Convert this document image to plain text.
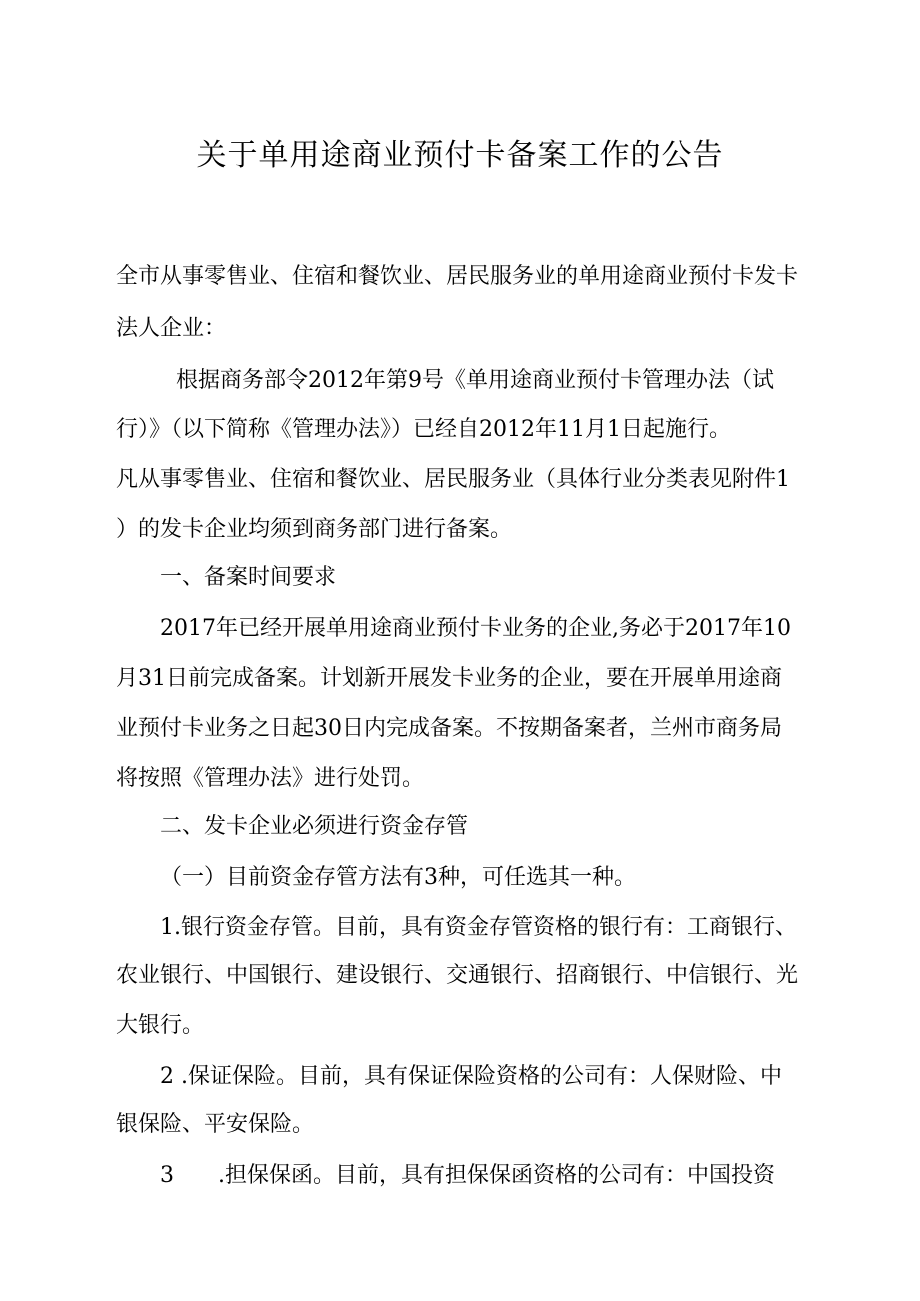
关于单用途商业预付卡备案工作的公告

全市从事零售业、住宿和餐饮业、居民服务业的单用途商业预付卡发卡

法人企业：

根据商务部令2012年第9号《单用途商业预付卡管理办法（试

行）》（以下简称《管理办法》）已经自2012年11月1日起施行。

凡从事零售业、住宿和餐饮业、居民服务业（具体行业分类表见附件1

）的发卡企业均须到商务部门进行备案。

一、备案时间要求

2017年已经开展单用途商业预付卡业务的企业,务必于2017年10

月31日前完成备案。计划新开展发卡业务的企业，要在开展单用途商

业预付卡业务之日起30日内完成备案。不按期备案者，兰州市商务局

将按照《管理办法》进行处罚。

二、发卡企业必须进行资金存管

（一）目前资金存管方法有3种，可任选其一种。

1.银行资金存管。目前，具有资金存管资格的银行有：工商银行、

农业银行、中国银行、建设银行、交通银行、招商银行、中信银行、光

大银行。

2 .保证保险。目前，具有保证保险资格的公司有：人保财险、中

银保险、平安保险。

3　　.担保保函。目前，具有担保保函资格的公司有：中国投资
